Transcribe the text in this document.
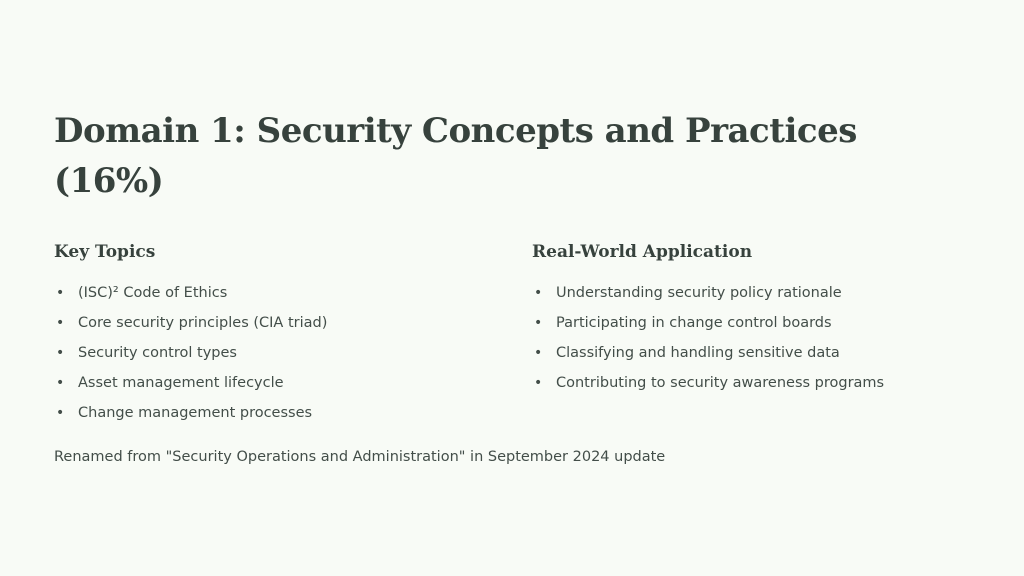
Domain 1: Security Concepts and Practices (16%)
Key Topics
• (ISC)² Code of Ethics
• Core security principles (CIA triad)
• Security control types
• Asset management lifecycle
• Change management processes
Real-World Application
• Understanding security policy rationale
• Participating in change control boards
• Classifying and handling sensitive data
• Contributing to security awareness programs
Renamed from "Security Operations and Administration" in September 2024 update
